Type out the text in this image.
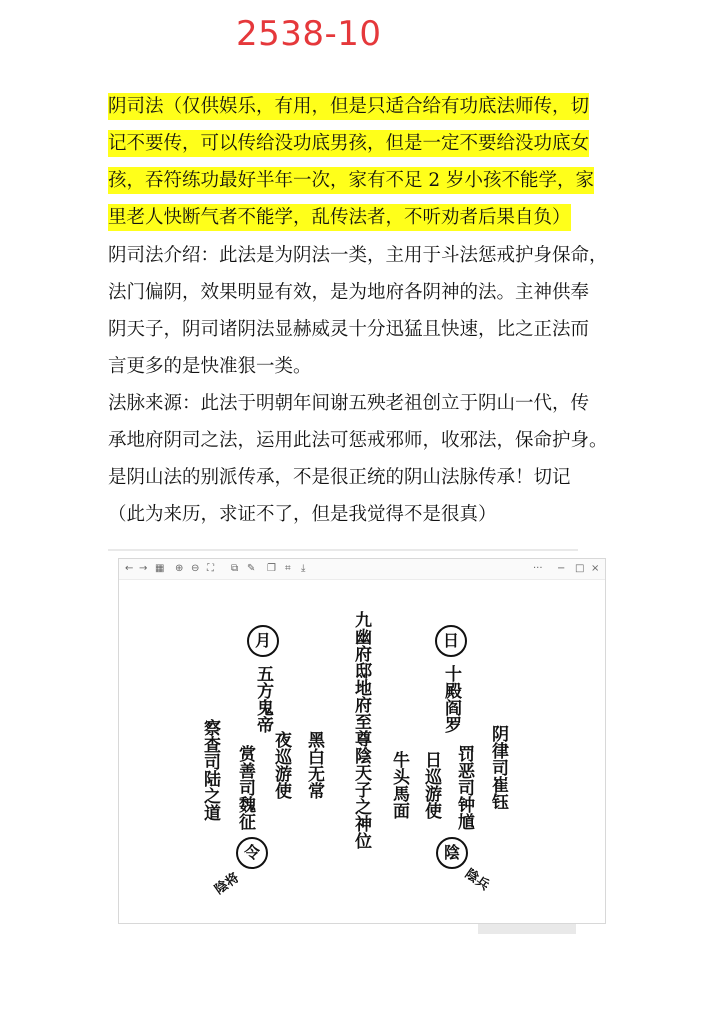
2538-10
阴司法（仅供娱乐，有用，但是只适合给有功底法师传，切
记不要传，可以传给没功底男孩，但是一定不要给没功底女
孩，吞符练功最好半年一次，家有不足 2 岁小孩不能学，家
里老人快断气者不能学，乱传法者，不听劝者后果自负）
阴司法介绍：此法是为阴法一类，主用于斗法惩戒护身保命，
法门偏阴，效果明显有效，是为地府各阴神的法。主神供奉
阴天子，阴司诸阴法显赫威灵十分迅猛且快速，比之正法而
言更多的是快准狠一类。
法脉来源：此法于明朝年间谢五殃老祖创立于阴山一代，传
承地府阴司之法，运用此法可惩戒邪师，收邪法，保命护身。
是阴山法的别派传承，不是很正统的阴山法脉传承！切记
（此为来历，求证不了，但是我觉得不是很真）
← → ▦ ⊕ ⊖ ⛶ ⧉ ✎ ❐ ⌗ ⤓	··· − □ ×
九幽府邸地府至尊陰天子之神位	日
月
十殿阎罗
五方鬼帝
牛头馬面 日巡游使 罚恶司钟馗 阴律司崔钰
黑白无常
夜巡游使
赏善司魏征
察查司陆之道
令	陰
陰将	陰兵
